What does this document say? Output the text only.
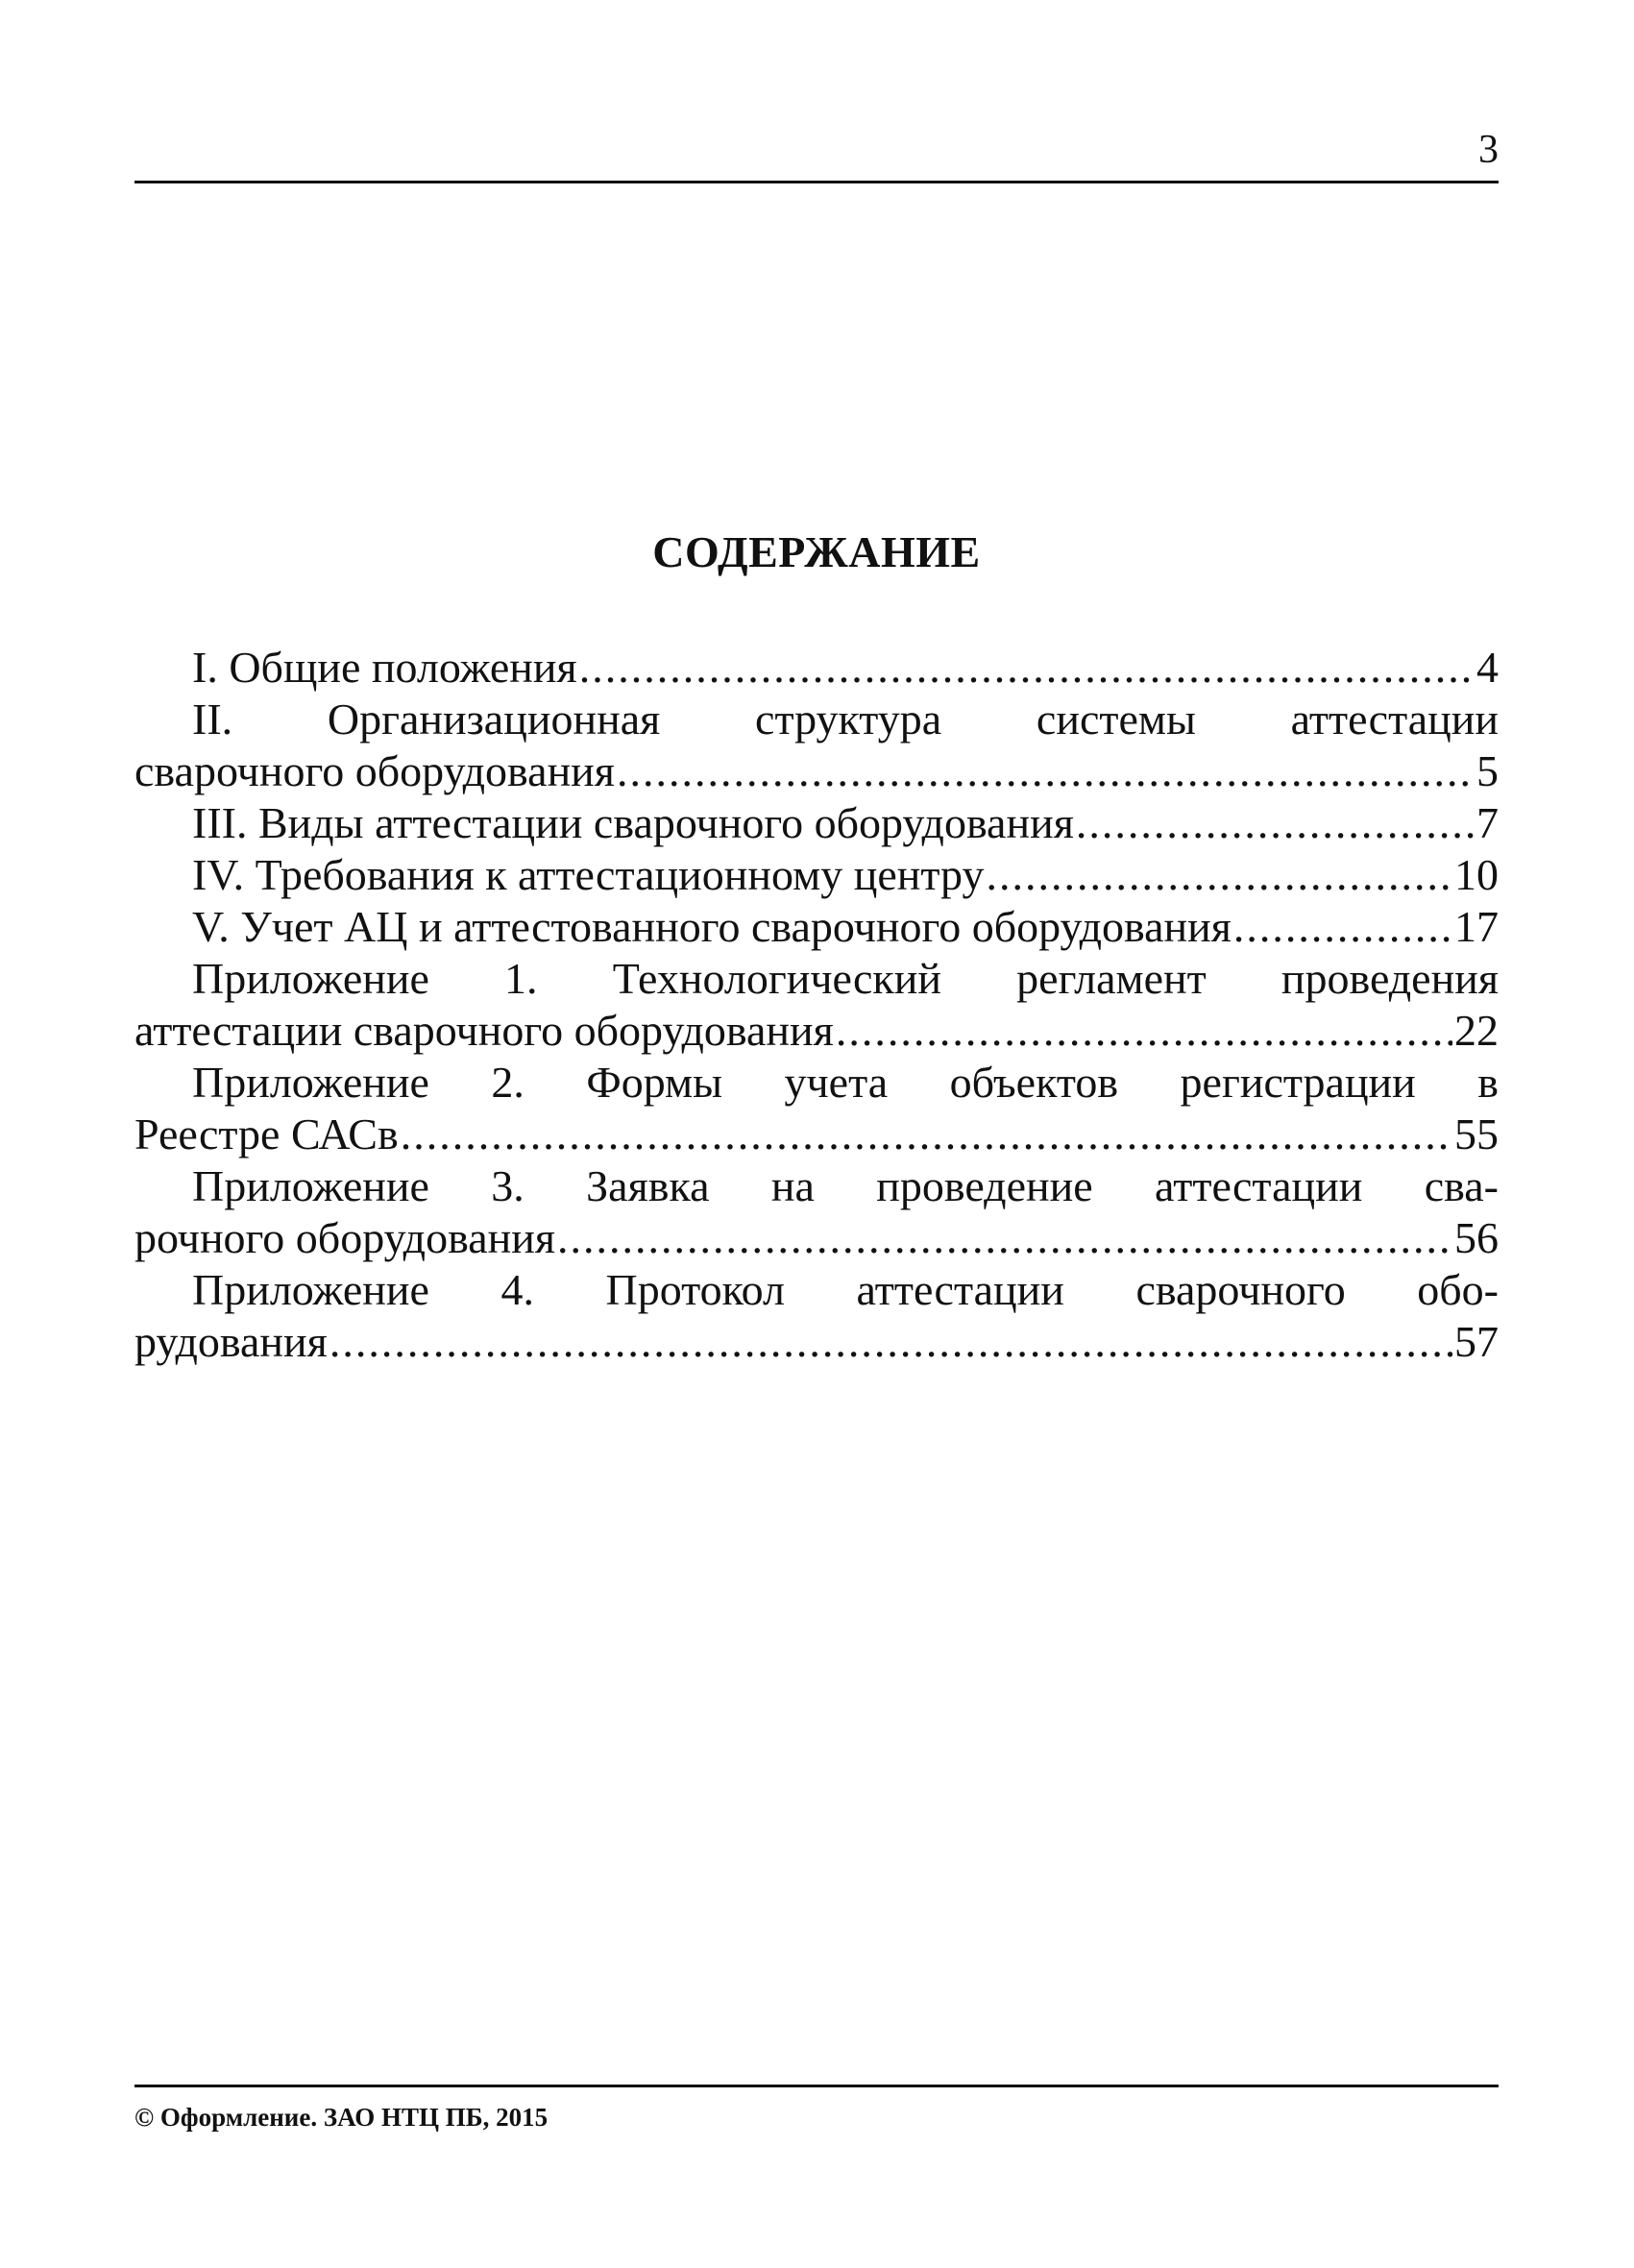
3
СОДЕРЖАНИЕ
I. Общие положения .....	4
II. Организационная структура системы аттестации
сварочного оборудования .....	5
III. Виды аттестации сварочного оборудования .....	7
IV. Требования к аттестационному центру .....	10
V. Учет АЦ и аттестованного сварочного оборудования .....	17
Приложение 1. Технологический регламент проведения
аттестации сварочного оборудования .....	22
Приложение 2. Формы учета объектов регистрации в
Реестре САСв .....	55
Приложение 3. Заявка на проведение аттестации сва-
рочного оборудования .....	56
Приложение 4. Протокол аттестации сварочного обо-
рудования .....	57
© Оформление. ЗАО НТЦ ПБ, 2015
